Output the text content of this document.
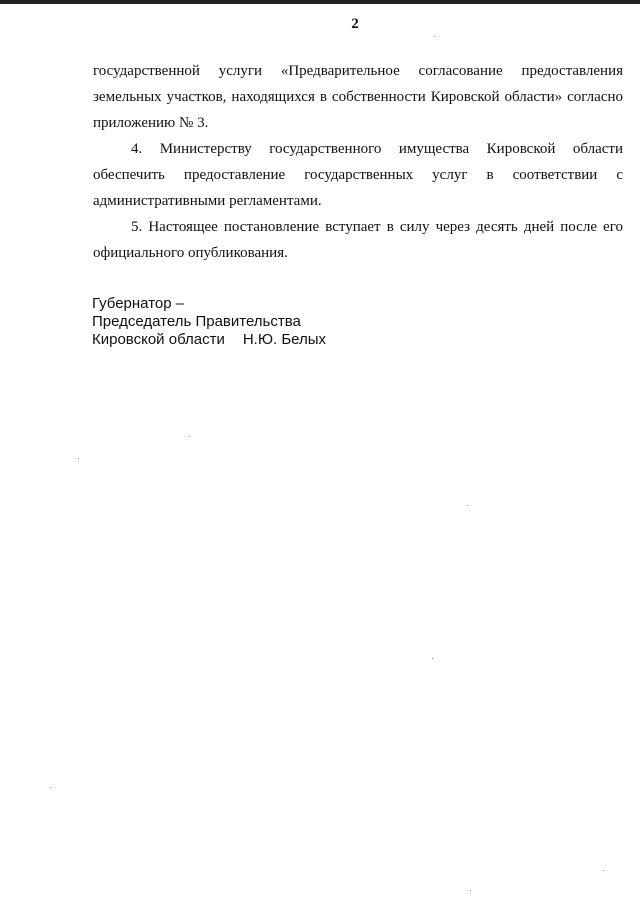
2

государственной услуги «Предварительное согласование предоставления земельных участков, находящихся в собственности Кировской области» согласно приложению № 3.

4. Министерству государственного имущества Кировской области обеспечить предоставление государственных услуг в соответствии с административными регламентами.

5. Настоящее постановление вступает в силу через десять дней после его официального опубликования.

Губернатор –
Председатель Правительства
Кировской области Н.Ю. Белых
